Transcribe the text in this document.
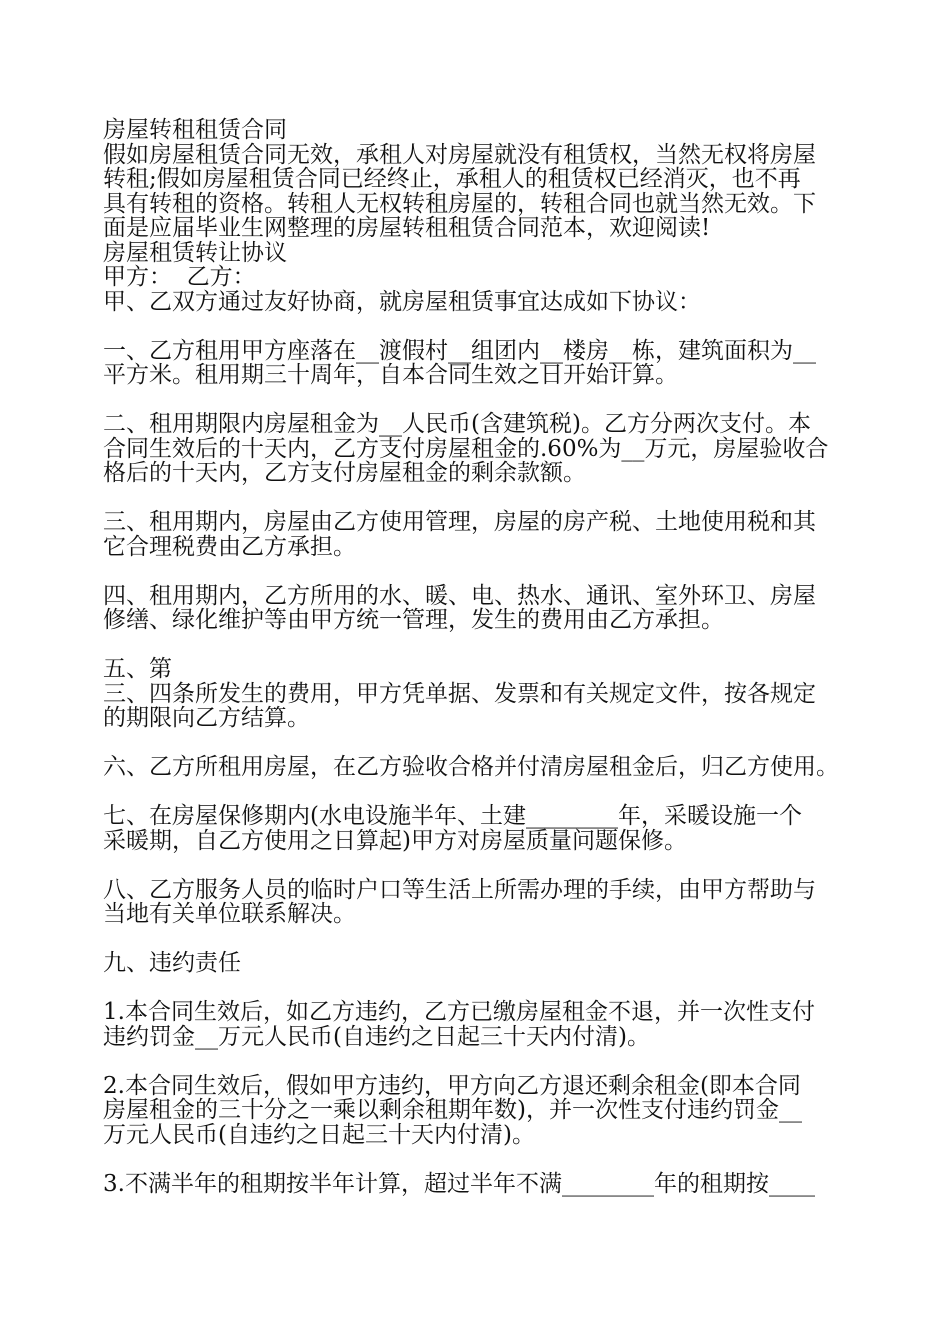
房屋转租租赁合同
假如房屋租赁合同无效，承租人对房屋就没有租赁权，当然无权将房屋
转租;假如房屋租赁合同已经终止，承租人的租赁权已经消灭，也不再
具有转租的资格。转租人无权转租房屋的，转租合同也就当然无效。下
面是应届毕业生网整理的房屋转租租赁合同范本，欢迎阅读!
房屋租赁转让协议
甲方：  乙方：
甲、乙双方通过友好协商，就房屋租赁事宜达成如下协议：
一、乙方租用甲方座落在__渡假村__组团内__楼房__栋，建筑面积为__
平方米。租用期三十周年，自本合同生效之日开始计算。
二、租用期限内房屋租金为__人民币(含建筑税)。乙方分两次支付。本
合同生效后的十天内，乙方支付房屋租金的.60%为__万元，房屋验收合
格后的十天内，乙方支付房屋租金的剩余款额。
三、租用期内，房屋由乙方使用管理，房屋的房产税、土地使用税和其
它合理税费由乙方承担。
四、租用期内，乙方所用的水、暖、电、热水、通讯、室外环卫、房屋
修缮、绿化维护等由甲方统一管理，发生的费用由乙方承担。
五、第
三、四条所发生的费用，甲方凭单据、发票和有关规定文件，按各规定
的期限向乙方结算。
六、乙方所租用房屋，在乙方验收合格并付清房屋租金后，归乙方使用。
七、在房屋保修期内(水电设施半年、土建________年，采暖设施一个
采暖期，自乙方使用之日算起)甲方对房屋质量问题保修。
八、乙方服务人员的临时户口等生活上所需办理的手续，由甲方帮助与
当地有关单位联系解决。
九、违约责任
1.本合同生效后，如乙方违约，乙方已缴房屋租金不退，并一次性支付
违约罚金__万元人民币(自违约之日起三十天内付清)。
2.本合同生效后，假如甲方违约，甲方向乙方退还剩余租金(即本合同
房屋租金的三十分之一乘以剩余租期年数)，并一次性支付违约罚金__
万元人民币(自违约之日起三十天内付清)。
3.不满半年的租期按半年计算，超过半年不满________年的租期按____
